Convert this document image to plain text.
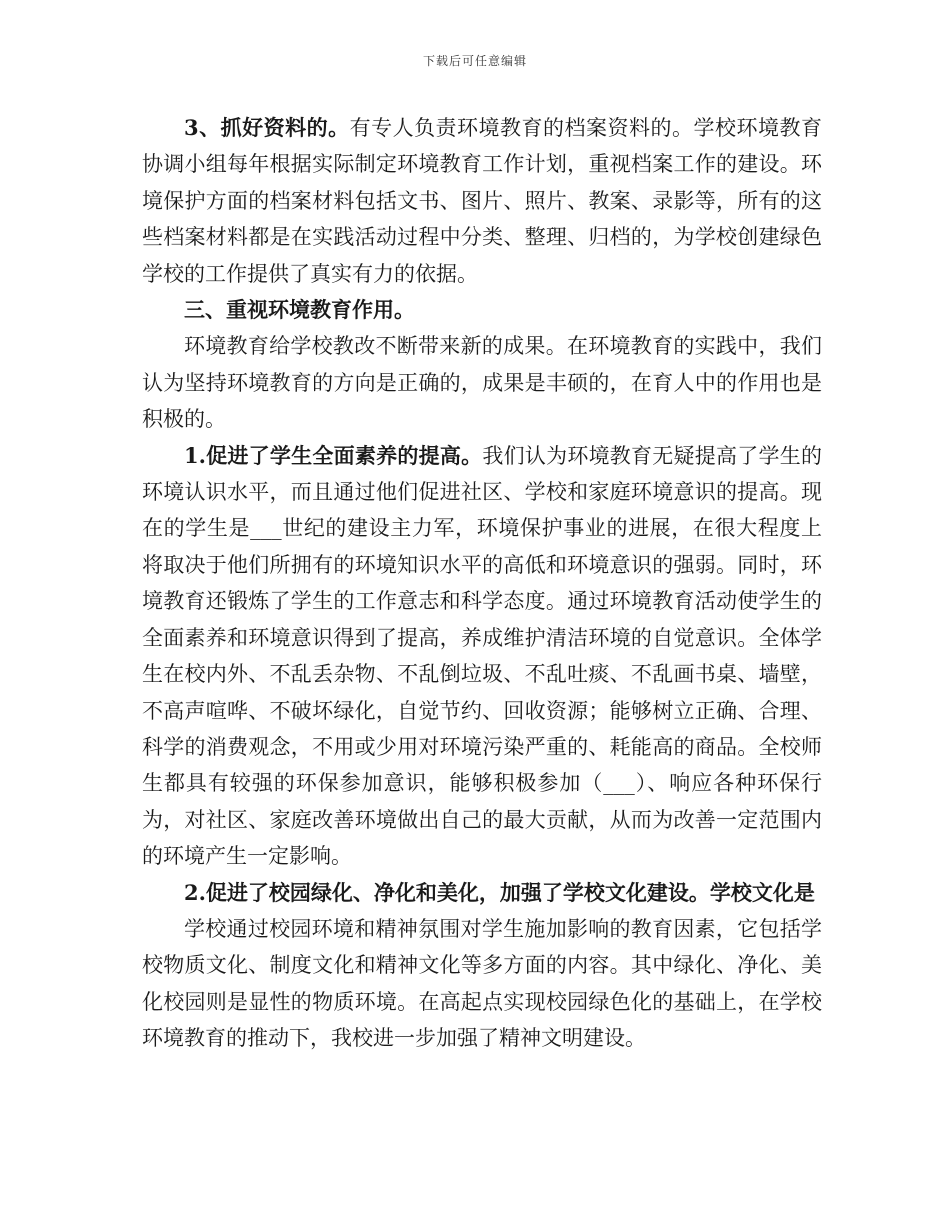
下载后可任意编辑

3、抓好资料的。有专人负责环境教育的档案资料的。学校环境教育协调小组每年根据实际制定环境教育工作计划，重视档案工作的建设。环境保护方面的档案材料包括文书、图片、照片、教案、录影等，所有的这些档案材料都是在实践活动过程中分类、整理、归档的，为学校创建绿色学校的工作提供了真实有力的依据。

三、重视环境教育作用。

环境教育给学校教改不断带来新的成果。在环境教育的实践中，我们认为坚持环境教育的方向是正确的，成果是丰硕的，在育人中的作用也是积极的。

1.促进了学生全面素养的提高。我们认为环境教育无疑提高了学生的环境认识水平，而且通过他们促进社区、学校和家庭环境意识的提高。现在的学生是___世纪的建设主力军，环境保护事业的进展，在很大程度上将取决于他们所拥有的环境知识水平的高低和环境意识的强弱。同时，环境教育还锻炼了学生的工作意志和科学态度。通过环境教育活动使学生的全面素养和环境意识得到了提高，养成维护清洁环境的自觉意识。全体学生在校内外、不乱丢杂物、不乱倒垃圾、不乱吐痰、不乱画书桌、墙壁，不高声喧哗、不破坏绿化，自觉节约、回收资源；能够树立正确、合理、科学的消费观念，不用或少用对环境污染严重的、耗能高的商品。全校师生都具有较强的环保参加意识，能够积极参加（___）、响应各种环保行为，对社区、家庭改善环境做出自己的最大贡献，从而为改善一定范围内的环境产生一定影响。

2.促进了校园绿化、净化和美化，加强了学校文化建设。学校文化是

学校通过校园环境和精神氛围对学生施加影响的教育因素，它包括学校物质文化、制度文化和精神文化等多方面的内容。其中绿化、净化、美化校园则是显性的物质环境。在高起点实现校园绿色化的基础上，在学校环境教育的推动下，我校进一步加强了精神文明建设。
